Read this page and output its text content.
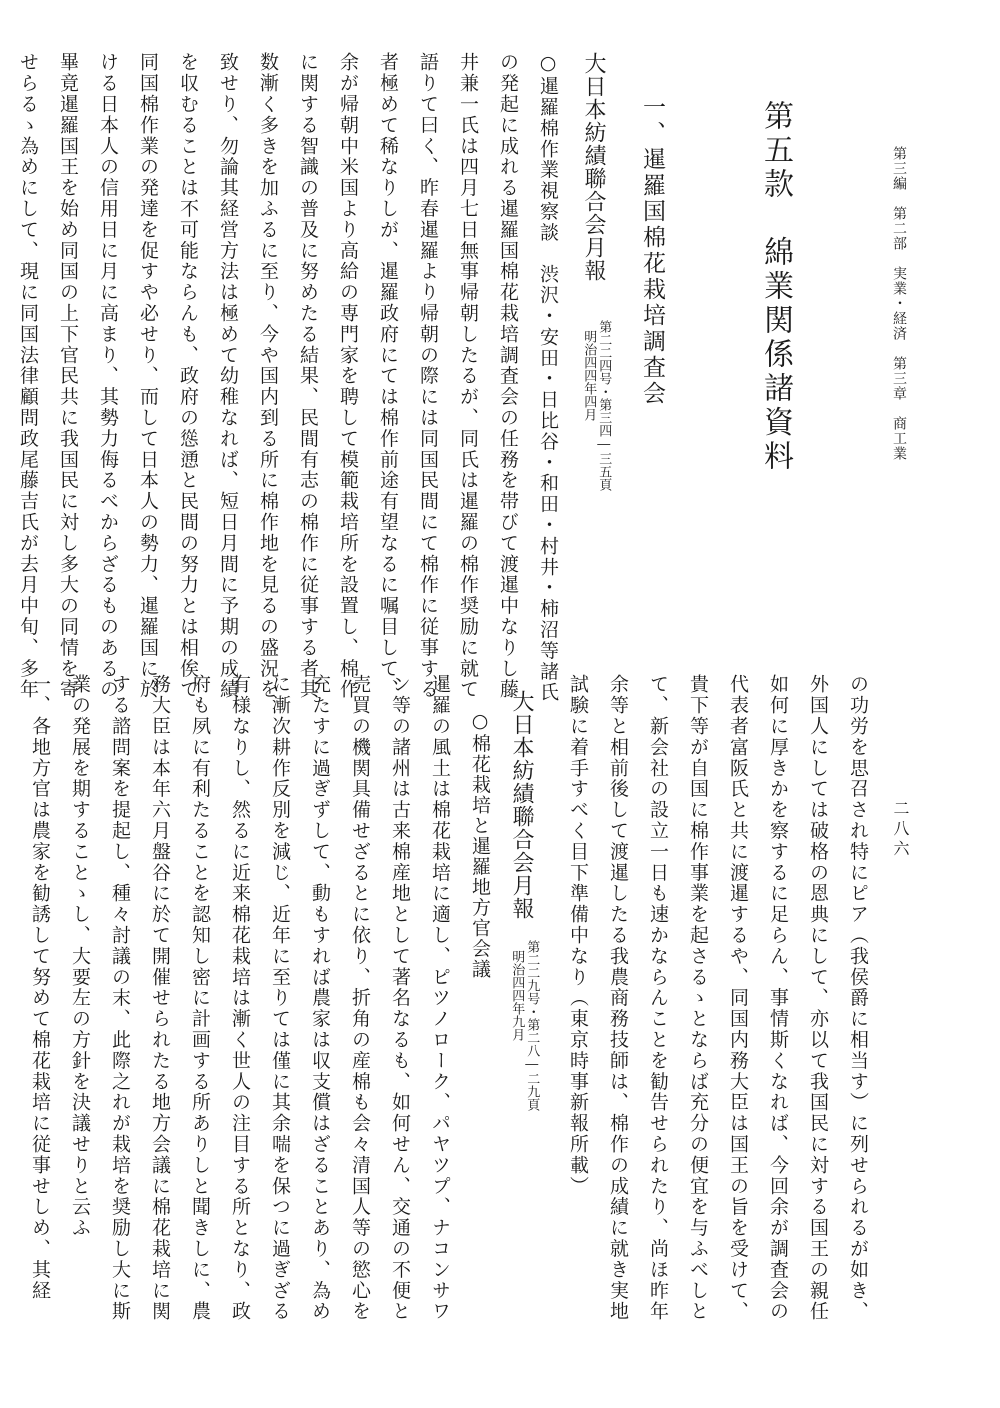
第三編　第二部　実業・経済　第三章　商工業
二八六
第五款　綿業関係諸資料
一、暹羅国棉花栽培調査会
大日本紡績聯合会月報
第二二四号・第三四―三五頁
明治四四年四月
○暹羅棉作業視察談　渋沢・安田・日比谷・和田・村井・柿沼等諸氏
の発起に成れる暹羅国棉花栽培調査会の任務を帯びて渡暹中なりし藤
井兼一氏は四月七日無事帰朝したるが、同氏は暹羅の棉作奨励に就て
語りて曰く、昨春暹羅より帰朝の際には同国民間にて棉作に従事する
者極めて稀なりしが、暹羅政府にては棉作前途有望なるに嘱目して、
余が帰朝中米国より高給の専門家を聘して模範栽培所を設置し、棉作
に関する智識の普及に努めたる結果、民間有志の棉作に従事する者其
数漸く多きを加ふるに至り、今や国内到る所に棉作地を見るの盛況を
致せり、勿論其経営方法は極めて幼稚なれば、短日月間に予期の成績
を収むることは不可能ならんも、政府の慫慂と民間の努力とは相俟て
同国棉作業の発達を促すや必せり、而して日本人の勢力、暹羅国に於
ける日本人の信用日に月に高まり、其勢力侮るべからざるものあるの
畢竟暹羅国王を始め同国の上下官民共に我国民に対し多大の同情を寄
せらるゝ為めにして、現に同国法律顧問政尾藤吉氏が去月中旬、多年
の功労を思召され特にピア（我侯爵に相当す）に列せられるが如き、
外国人にしては破格の恩典にして、亦以て我国民に対する国王の親任
如何に厚きかを察するに足らん、事情斯くなれば、今回余が調査会の
代表者富阪氏と共に渡暹するや、同国内務大臣は国王の旨を受けて、
貴下等が自国に棉作事業を起さるゝとならば充分の便宜を与ふべしと
て、新会社の設立一日も速かならんことを勧告せられたり、尚ほ昨年
余等と相前後して渡暹したる我農商務技師は、棉作の成績に就き実地
試験に着手すべく目下準備中なり（東京時事新報所載）
大日本紡績聯合会月報
第二二九号・第二八―二九頁
明治四四年九月
○棉花栽培と暹羅地方官会議
暹羅の風土は棉花栽培に適し、ピツノローク、パヤツプ、ナコンサワ
ン等の諸州は古来棉産地として著名なるも、如何せん、交通の不便と
売買の機関具備せざるとに依り、折角の産棉も会々清国人等の慾心を
充たすに過ぎずして、動もすれば農家は収支償はざることあり、為め
に漸次耕作反別を減じ、近年に至りては僅に其余喘を保つに過ぎざる
有様なりし、然るに近来棉花栽培は漸く世人の注目する所となり、政
府も夙に有利たることを認知し密に計画する所ありしと聞きしに、農
務大臣は本年六月盤谷に於て開催せられたる地方会議に棉花栽培に関
する諮問案を提起し、種々討議の末、此際之れが栽培を奨励し大に斯
業の発展を期することゝし、大要左の方針を決議せりと云ふ
一、各地方官は農家を勧誘して努めて棉花栽培に従事せしめ、其経
